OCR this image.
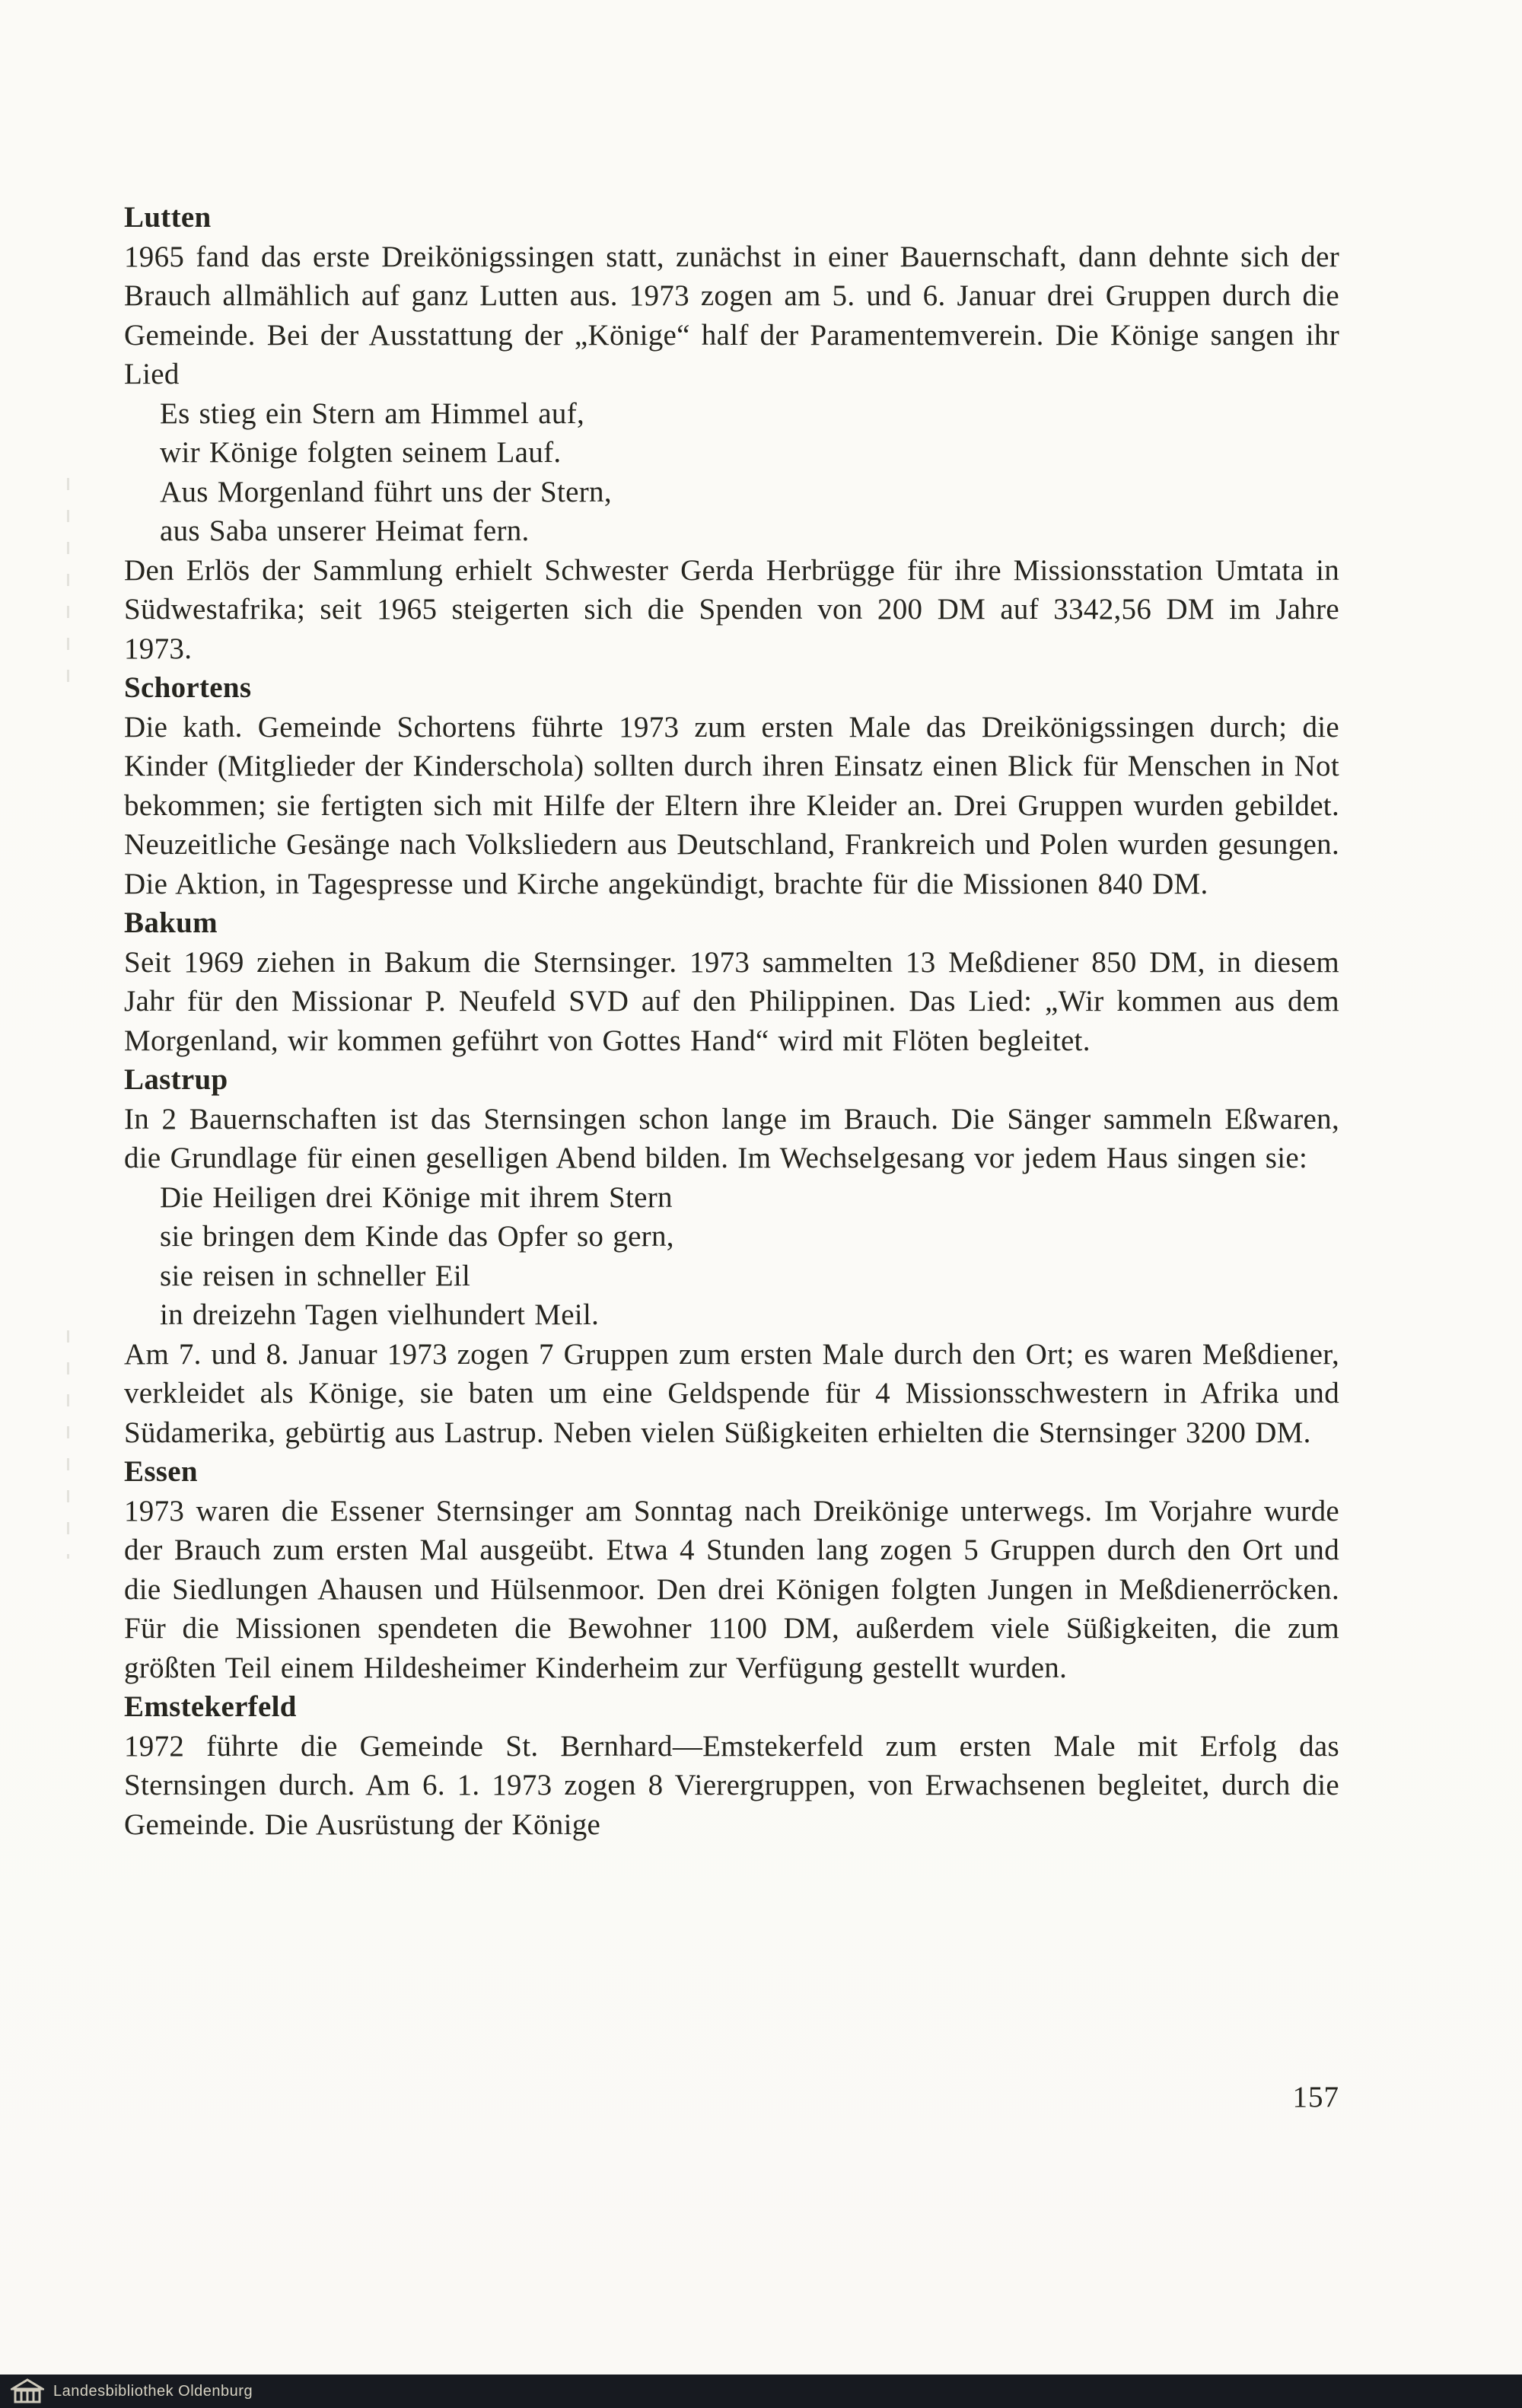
Lutten

1965 fand das erste Dreikönigssingen statt, zunächst in einer Bauernschaft, dann dehnte sich der Brauch allmählich auf ganz Lutten aus. 1973 zogen am 5. und 6. Januar drei Gruppen durch die Gemeinde. Bei der Ausstattung der „Könige“ half der Paramentemverein. Die Könige sangen ihr Lied

Es stieg ein Stern am Himmel auf,
wir Könige folgten seinem Lauf.
Aus Morgenland führt uns der Stern,
aus Saba unserer Heimat fern.

Den Erlös der Sammlung erhielt Schwester Gerda Herbrügge für ihre Missionsstation Umtata in Südwestafrika; seit 1965 steigerten sich die Spenden von 200 DM auf 3342,56 DM im Jahre 1973.

Schortens

Die kath. Gemeinde Schortens führte 1973 zum ersten Male das Dreikönigssingen durch; die Kinder (Mitglieder der Kinderschola) sollten durch ihren Einsatz einen Blick für Menschen in Not bekommen; sie fertigten sich mit Hilfe der Eltern ihre Kleider an. Drei Gruppen wurden gebildet. Neuzeitliche Gesänge nach Volksliedern aus Deutschland, Frankreich und Polen wurden gesungen. Die Aktion, in Tagespresse und Kirche angekündigt, brachte für die Missionen 840 DM.

Bakum

Seit 1969 ziehen in Bakum die Sternsinger. 1973 sammelten 13 Meßdiener 850 DM, in diesem Jahr für den Missionar P. Neufeld SVD auf den Philippinen. Das Lied: „Wir kommen aus dem Morgenland, wir kommen geführt von Gottes Hand“ wird mit Flöten begleitet.

Lastrup

In 2 Bauernschaften ist das Sternsingen schon lange im Brauch. Die Sänger sammeln Eßwaren, die Grundlage für einen geselligen Abend bilden. Im Wechselgesang vor jedem Haus singen sie:

Die Heiligen drei Könige mit ihrem Stern
sie bringen dem Kinde das Opfer so gern,
sie reisen in schneller Eil
in dreizehn Tagen vielhundert Meil.

Am 7. und 8. Januar 1973 zogen 7 Gruppen zum ersten Male durch den Ort; es waren Meßdiener, verkleidet als Könige, sie baten um eine Geldspende für 4 Missionsschwestern in Afrika und Südamerika, gebürtig aus Lastrup. Neben vielen Süßigkeiten erhielten die Sternsinger 3200 DM.

Essen

1973 waren die Essener Sternsinger am Sonntag nach Dreikönige unterwegs. Im Vorjahre wurde der Brauch zum ersten Mal ausgeübt. Etwa 4 Stunden lang zogen 5 Gruppen durch den Ort und die Siedlungen Ahausen und Hülsenmoor. Den drei Königen folgten Jungen in Meßdienerröcken. Für die Missionen spendeten die Bewohner 1100 DM, außerdem viele Süßigkeiten, die zum größten Teil einem Hildesheimer Kinderheim zur Verfügung gestellt wurden.

Emstekerfeld

1972 führte die Gemeinde St. Bernhard—Emstekerfeld zum ersten Male mit Erfolg das Sternsingen durch. Am 6. 1. 1973 zogen 8 Vierergruppen, von Erwachsenen begleitet, durch die Gemeinde. Die Ausrüstung der Könige

157
Landesbibliothek Oldenburg
